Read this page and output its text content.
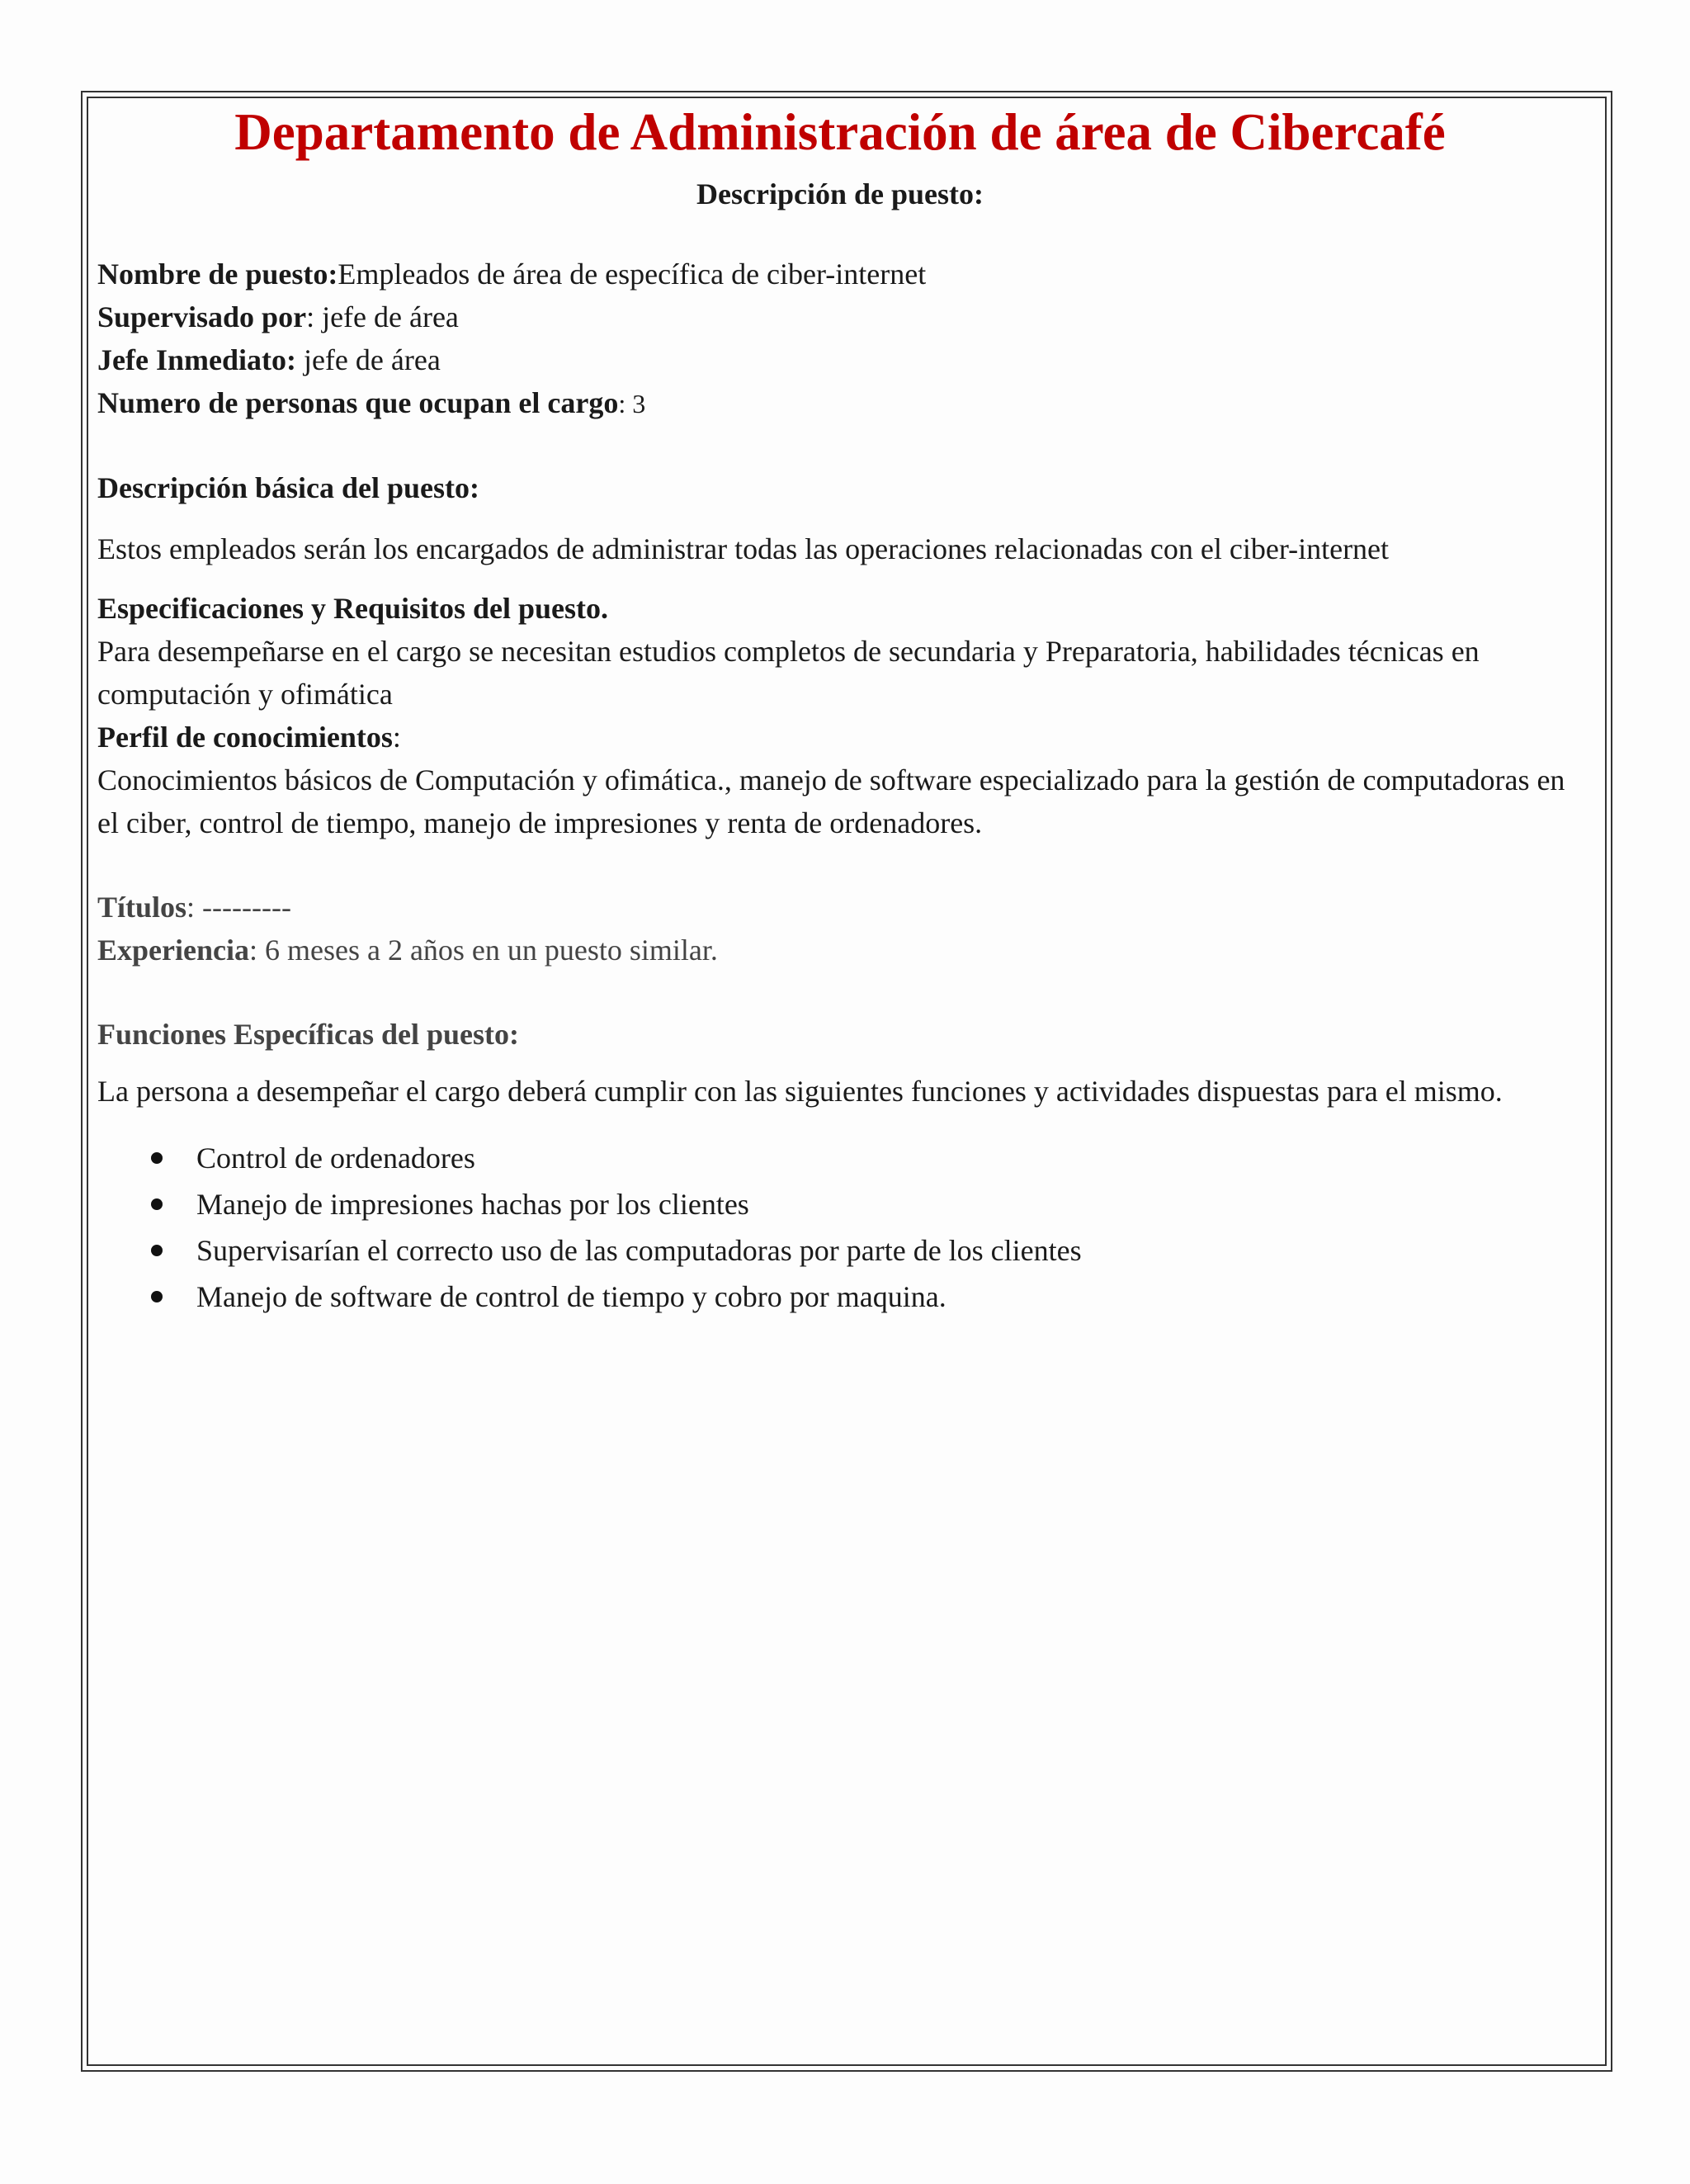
Departamento de Administración de área de Cibercafé
Descripción de puesto:
Nombre de puesto:Empleados de área de específica de ciber-internet
Supervisado por: jefe de área
Jefe Inmediato: jefe de área
Numero de personas que ocupan el cargo: 3
Descripción básica del puesto:
Estos empleados serán los encargados de administrar todas las operaciones relacionadas con el ciber-internet
Especificaciones y Requisitos del puesto.
Para desempeñarse en el cargo se necesitan estudios completos de secundaria y Preparatoria, habilidades técnicas en computación y ofimática
Perfil de conocimientos:
Conocimientos básicos de Computación y ofimática., manejo de software especializado para la gestión de computadoras en el ciber, control de tiempo, manejo de impresiones y renta de ordenadores.
Títulos: ---------
Experiencia: 6 meses a 2 años en un puesto similar.
Funciones Específicas del puesto:
La persona a desempeñar el cargo deberá cumplir con las siguientes funciones y actividades dispuestas para el mismo.
Control de ordenadores
Manejo de impresiones hachas por los clientes
Supervisarían el correcto uso de las computadoras por parte de los clientes
Manejo de software de control de tiempo y cobro por maquina.
